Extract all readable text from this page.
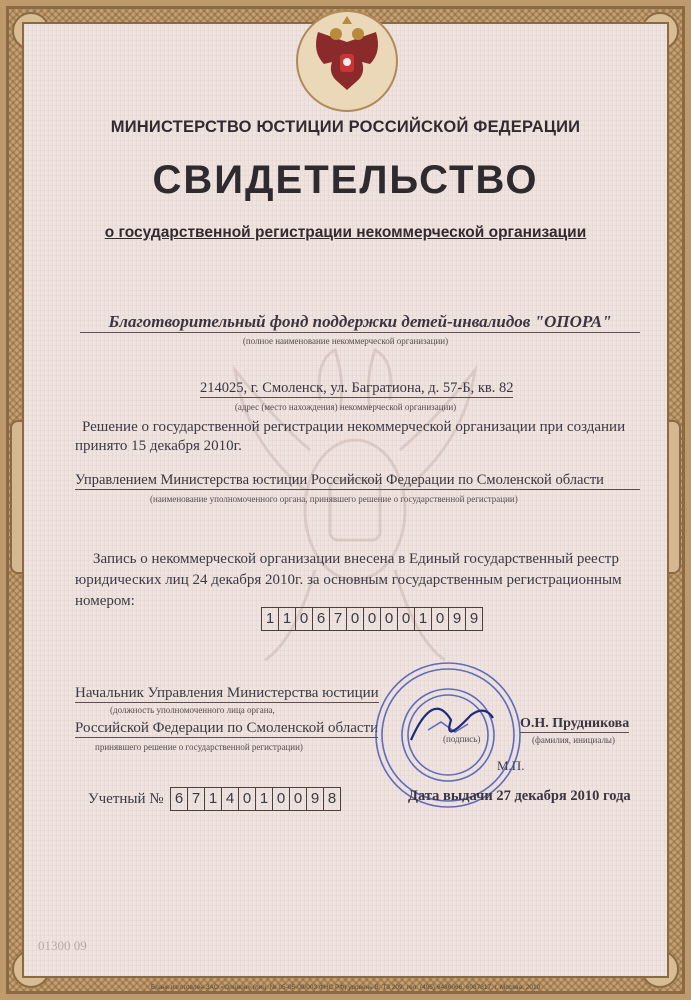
МИНИСТЕРСТВО ЮСТИЦИИ РОССИЙСКОЙ ФЕДЕРАЦИИ
СВИДЕТЕЛЬСТВО
о государственной регистрации некоммерческой организации
Благотворительный фонд поддержки детей-инвалидов "ОПОРА"
(полное наименование некоммерческой организации)
214025, г. Смоленск, ул. Багратиона, д. 57-Б, кв. 82
(адрес (место нахождения) некоммерческой организации)
Решение о государственной регистрации некоммерческой организации при создании
принято 15 декабря 2010г.
Управлением Министерства юстиции Российской Федерации по Смоленской области
(наименование уполномоченного органа, принявшего решение о государственной регистрации)
Запись о некоммерческой организации внесена в Единый государственный реестр
юридических лиц 24 декабря 2010г. за основным государственным регистрационным
номером:
1 1 0 6 7 0 0 0 0 1 0 9 9
Начальник Управления Министерства юстиции
(должность уполномоченного лица органа,
Российской Федерации по Смоленской области
принявшего решение о государственной регистрации)
(подпись)
О.Н. Прудникова
(фамилия, инициалы)
М.П.
Учетный № 6 7 1 4 0 1 0 0 9 8	Дата выдачи 27 декабря 2010 года
01300 09
Бланк изготовлен ЗАО «Опцион» (лиц. № 05-05-09/003 ФНС РФ) уровень В, Т3 209, тел. (495) 6486066, 6087817, г. Москва, 2010
